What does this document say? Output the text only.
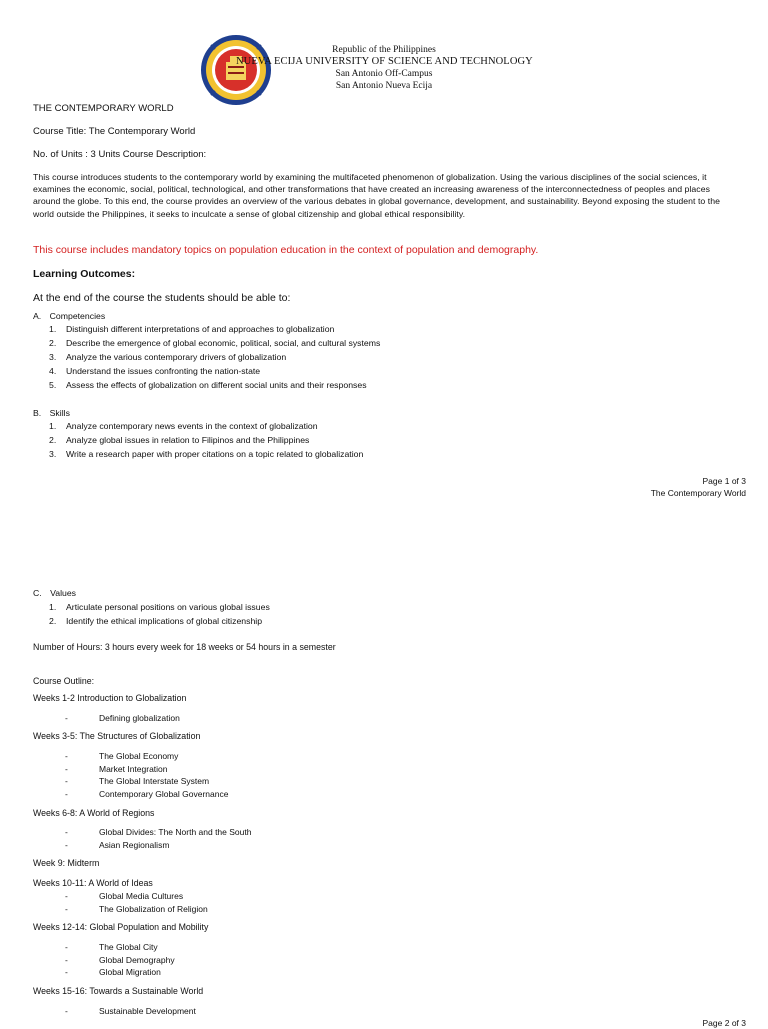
Republic of the Philippines
NUEVA ECIJA UNIVERSITY OF SCIENCE AND TECHNOLOGY
San Antonio Off-Campus
San Antonio Nueva Ecija
THE CONTEMPORARY WORLD
Course Title: The Contemporary World
No. of Units : 3 Units Course Description:
This course introduces students to the contemporary world by examining the multifaceted phenomenon of globalization. Using the various disciplines of the social sciences, it examines the economic, social, political, technological, and other transformations that have created an increasing awareness of the interconnectedness of peoples and places around the globe. To this end, the course provides an overview of the various debates in global governance, development, and sustainability. Beyond exposing the student to the world outside the Philippines, it seeks to inculcate a sense of global citizenship and global ethical responsibility.
This course includes mandatory topics on population education in the context of population and demography.
Learning Outcomes:
At the end of the course the students should be able to:
A. Competencies
1.	Distinguish different interpretations of and approaches to globalization
2.	Describe the emergence of global economic, political, social, and cultural systems
3.	Analyze the various contemporary drivers of globalization
4.	Understand the issues confronting the nation-state
5.	Assess the effects of globalization on different social units and their responses
B. Skills
1.	Analyze contemporary news events in the context of globalization
2.	Analyze global issues in relation to Filipinos and the Philippines
3.	Write a research paper with proper citations on a topic related to globalization
Page 1 of 3
The Contemporary World
C. Values
1.	Articulate personal positions on various global issues
2.	Identify the ethical implications of global citizenship
Number of Hours: 3 hours every week for 18 weeks or 54 hours in a semester
Course Outline:
Weeks 1-2 Introduction to Globalization
-	Defining globalization
Weeks 3-5: The Structures of Globalization
-	The Global Economy
-	Market Integration
-	The Global Interstate System
-	Contemporary Global Governance
Weeks 6-8: A World of Regions
-	Global Divides: The North and the South
-	Asian Regionalism
Week 9: Midterm
Weeks 10-11: A World of Ideas
-	Global Media Cultures
-	The Globalization of Religion
Weeks 12-14: Global Population and Mobility
-	The Global City
-	Global Demography
-	Global Migration
Weeks 15-16: Towards a Sustainable World
-	Sustainable Development
Page 2 of 3
